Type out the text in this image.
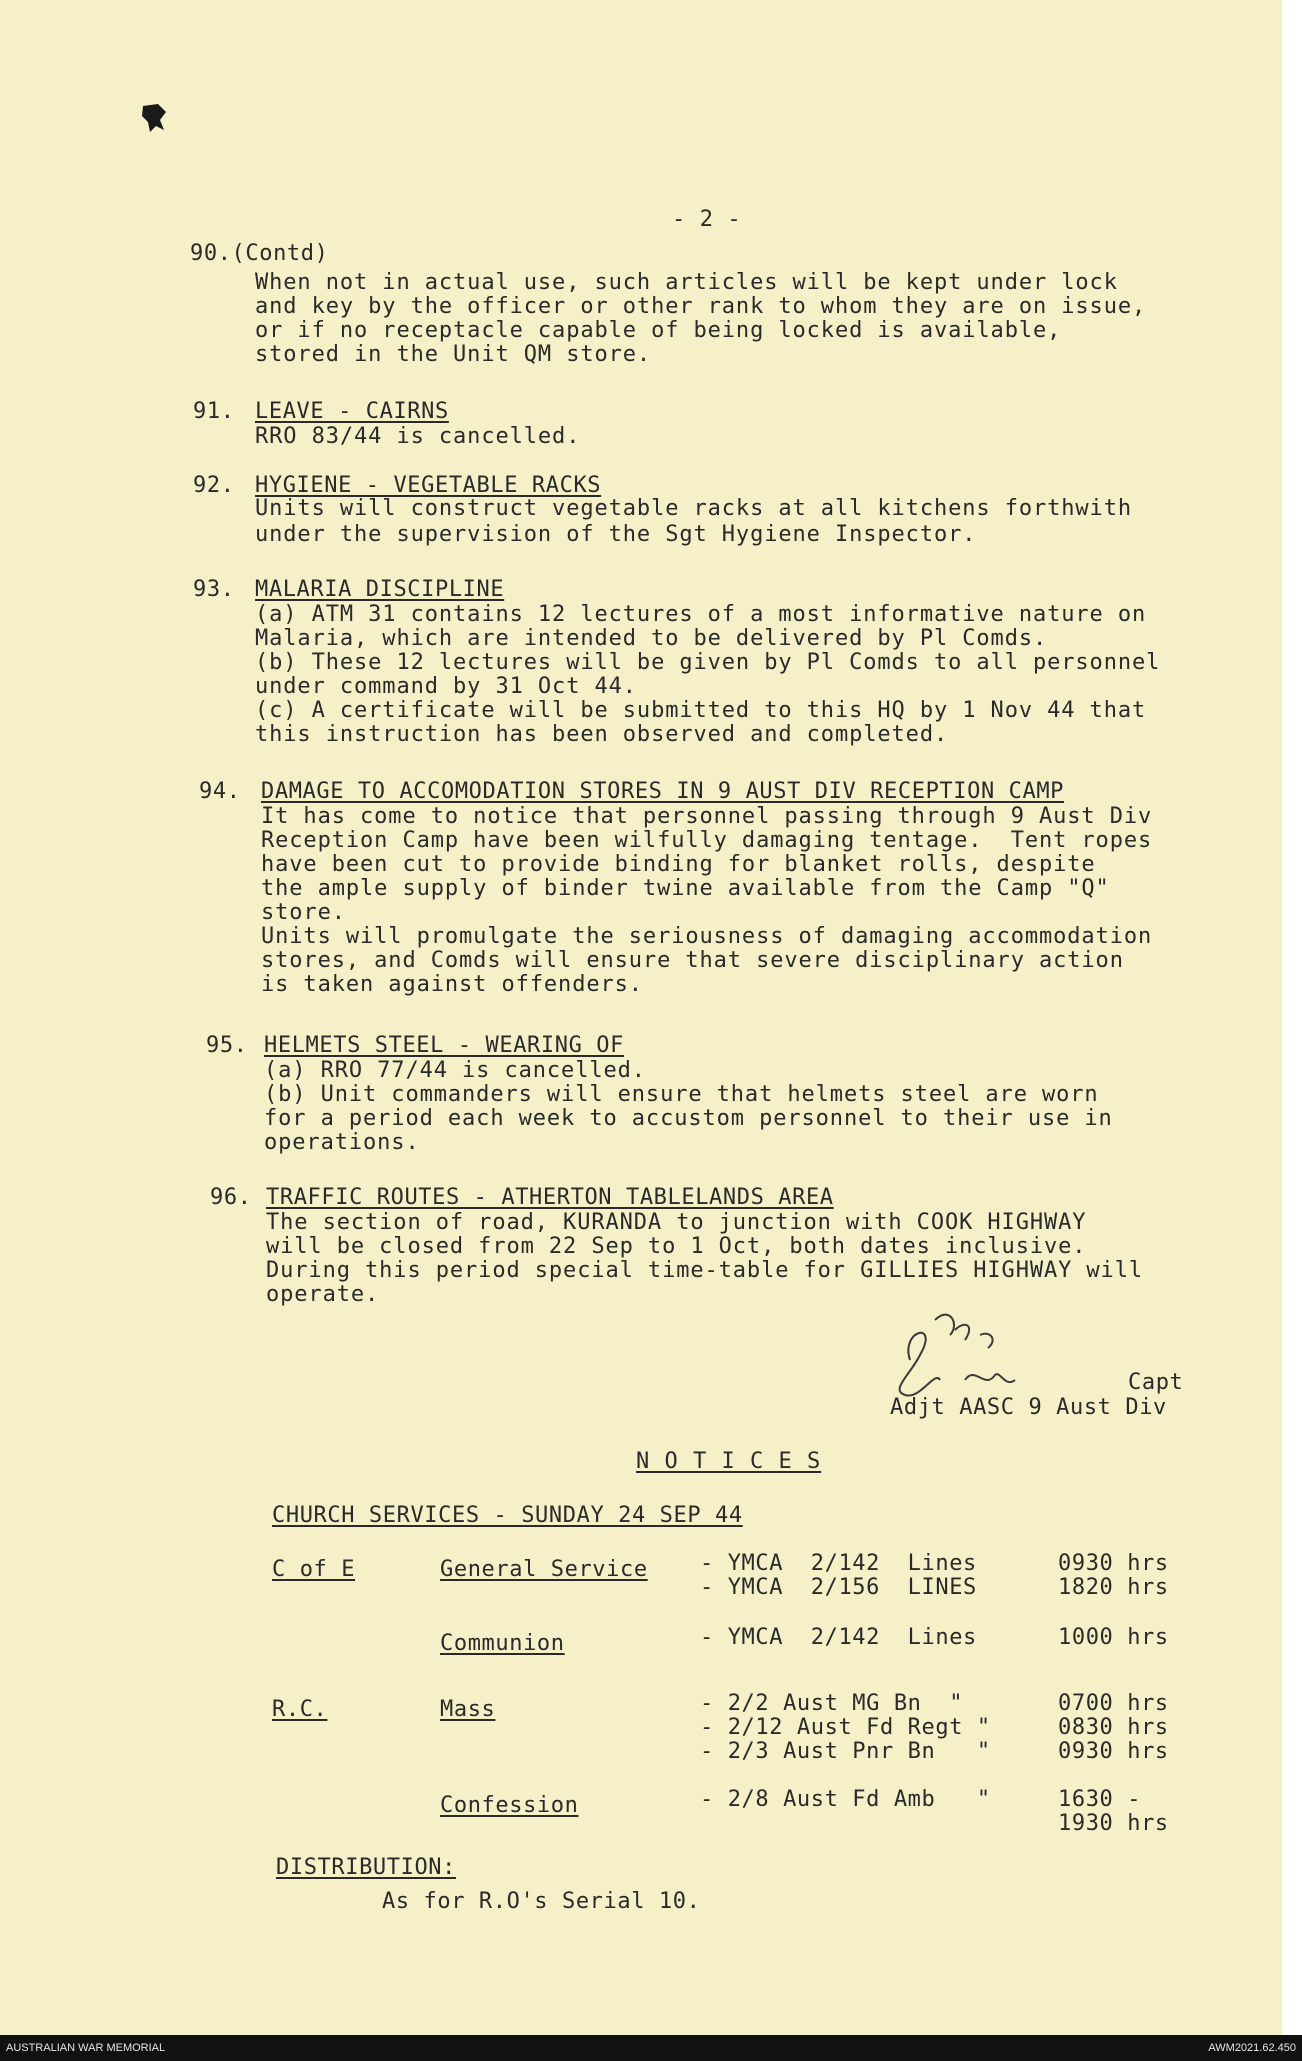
- 2 -
90.(Contd)
When not in actual use, such articles will be kept under lock
and key by the officer or other rank to whom they are on issue,
or if no receptacle capable of being locked is available,
stored in the Unit QM store.
91. LEAVE - CAIRNS
RRO 83/44 is cancelled.
92. HYGIENE - VEGETABLE RACKS
Units will construct vegetable racks at all kitchens forthwith
under the supervision of the Sgt Hygiene Inspector.
93. MALARIA DISCIPLINE
(a) ATM 31 contains 12 lectures of a most informative nature on
Malaria, which are intended to be delivered by Pl Comds.
(b) These 12 lectures will be given by Pl Comds to all personnel
under command by 31 Oct 44.
(c) A certificate will be submitted to this HQ by 1 Nov 44 that
this instruction has been observed and completed.
94. DAMAGE TO ACCOMODATION STORES IN 9 AUST DIV RECEPTION CAMP
It has come to notice that personnel passing through 9 Aust Div
Reception Camp have been wilfully damaging tentage.  Tent ropes
have been cut to provide binding for blanket rolls, despite
the ample supply of binder twine available from the Camp "Q"
store.
Units will promulgate the seriousness of damaging accommodation
stores, and Comds will ensure that severe disciplinary action
is taken against offenders.
95. HELMETS STEEL - WEARING OF
(a) RRO 77/44 is cancelled.
(b) Unit commanders will ensure that helmets steel are worn
for a period each week to accustom personnel to their use in
operations.
96. TRAFFIC ROUTES - ATHERTON TABLELANDS AREA
The section of road, KURANDA to junction with COOK HIGHWAY
will be closed from 22 Sep to 1 Oct, both dates inclusive.
During this period special time-table for GILLIES HIGHWAY will
operate.
N O T I C E S
CHURCH SERVICES - SUNDAY 24 SEP 44
C of E	General Service - YMCA  2/142  Lines	0930 hrs
- YMCA  2/156  LINES	1820 hrs
Communion	- YMCA  2/142  Lines	1000 hrs
R.C.	Mass	- 2/2 Aust MG Bn  "	0700 hrs
- 2/12 Aust Fd Regt "	0830 hrs
- 2/3 Aust Pnr Bn   "	0930 hrs
Confession	- 2/8 Aust Fd Amb   "	1630 -
1930 hrs
DISTRIBUTION:
As for R.O's Serial 10.
Capt
Adjt AASC 9 Aust Div
AUSTRALIAN WAR MEMORIAL	AWM2021.62.450
